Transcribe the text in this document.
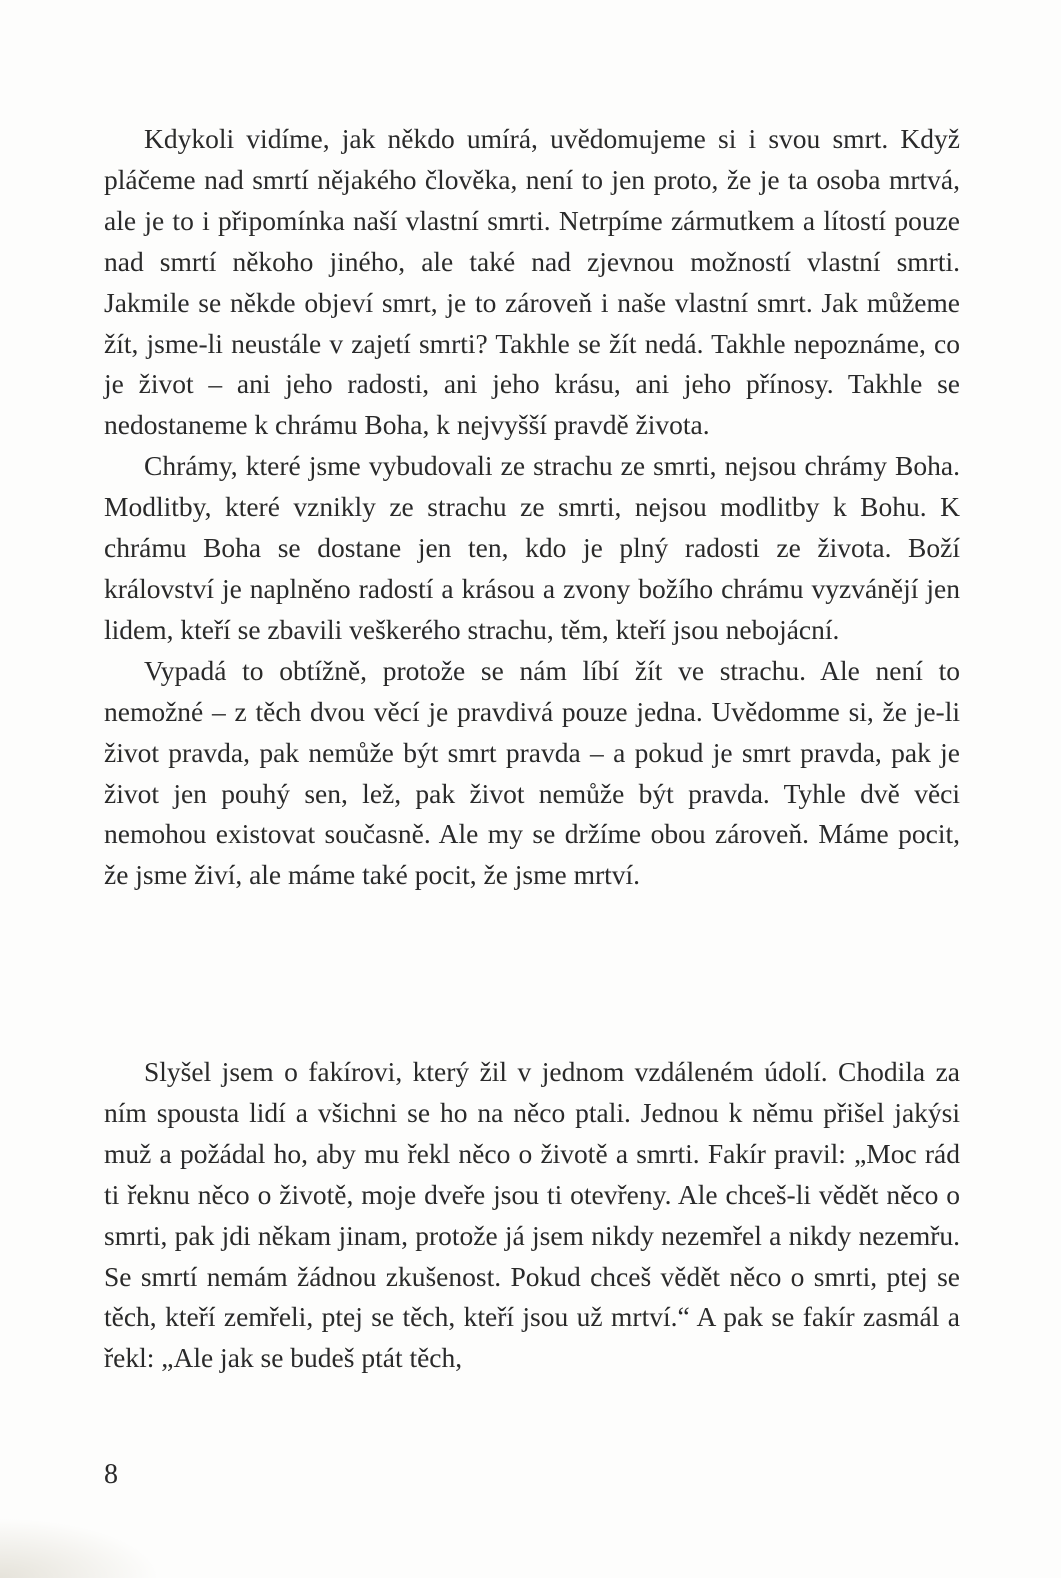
Kdykoli vidíme, jak někdo umírá, uvědomujeme si i svou smrt. Když pláčeme nad smrtí nějakého člověka, není to jen proto, že je ta osoba mrtvá, ale je to i připomínka naší vlastní smrti. Netrpíme zármutkem a lítostí pouze nad smrtí někoho jiného, ale také nad zjevnou možností vlastní smrti. Jakmile se někde objeví smrt, je to zároveň i naše vlastní smrt. Jak můžeme žít, jsme-li neustále v zajetí smrti? Takhle se žít nedá. Takhle nepoznáme, co je život – ani jeho radosti, ani jeho krásu, ani jeho přínosy. Takhle se nedostaneme k chrámu Boha, k nejvyšší pravdě života.

Chrámy, které jsme vybudovali ze strachu ze smrti, nejsou chrámy Boha. Modlitby, které vznikly ze strachu ze smrti, nejsou modlitby k Bohu. K chrámu Boha se dostane jen ten, kdo je plný radosti ze života. Boží království je naplněno radostí a krásou a zvony božího chrámu vyzvánějí jen lidem, kteří se zbavili veškerého strachu, těm, kteří jsou nebojácní.

Vypadá to obtížně, protože se nám líbí žít ve strachu. Ale není to nemožné – z těch dvou věcí je pravdivá pouze jedna. Uvědomme si, že je-li život pravda, pak nemůže být smrt pravda – a pokud je smrt pravda, pak je život jen pouhý sen, lež, pak život nemůže být pravda. Tyhle dvě věci nemohou existovat současně. Ale my se držíme obou zároveň. Máme pocit, že jsme živí, ale máme také pocit, že jsme mrtví.

Slyšel jsem o fakírovi, který žil v jednom vzdáleném údolí. Chodila za ním spousta lidí a všichni se ho na něco ptali. Jednou k němu přišel jakýsi muž a požádal ho, aby mu řekl něco o životě a smrti. Fakír pravil: „Moc rád ti řeknu něco o životě, moje dveře jsou ti otevřeny. Ale chceš-li vědět něco o smrti, pak jdi někam jinam, protože já jsem nikdy nezemřel a nikdy nezemřu. Se smrtí nemám žádnou zkušenost. Pokud chceš vědět něco o smrti, ptej se těch, kteří zemřeli, ptej se těch, kteří jsou už mrtví.“ A pak se fakír zasmál a řekl: „Ale jak se budeš ptát těch,

8
